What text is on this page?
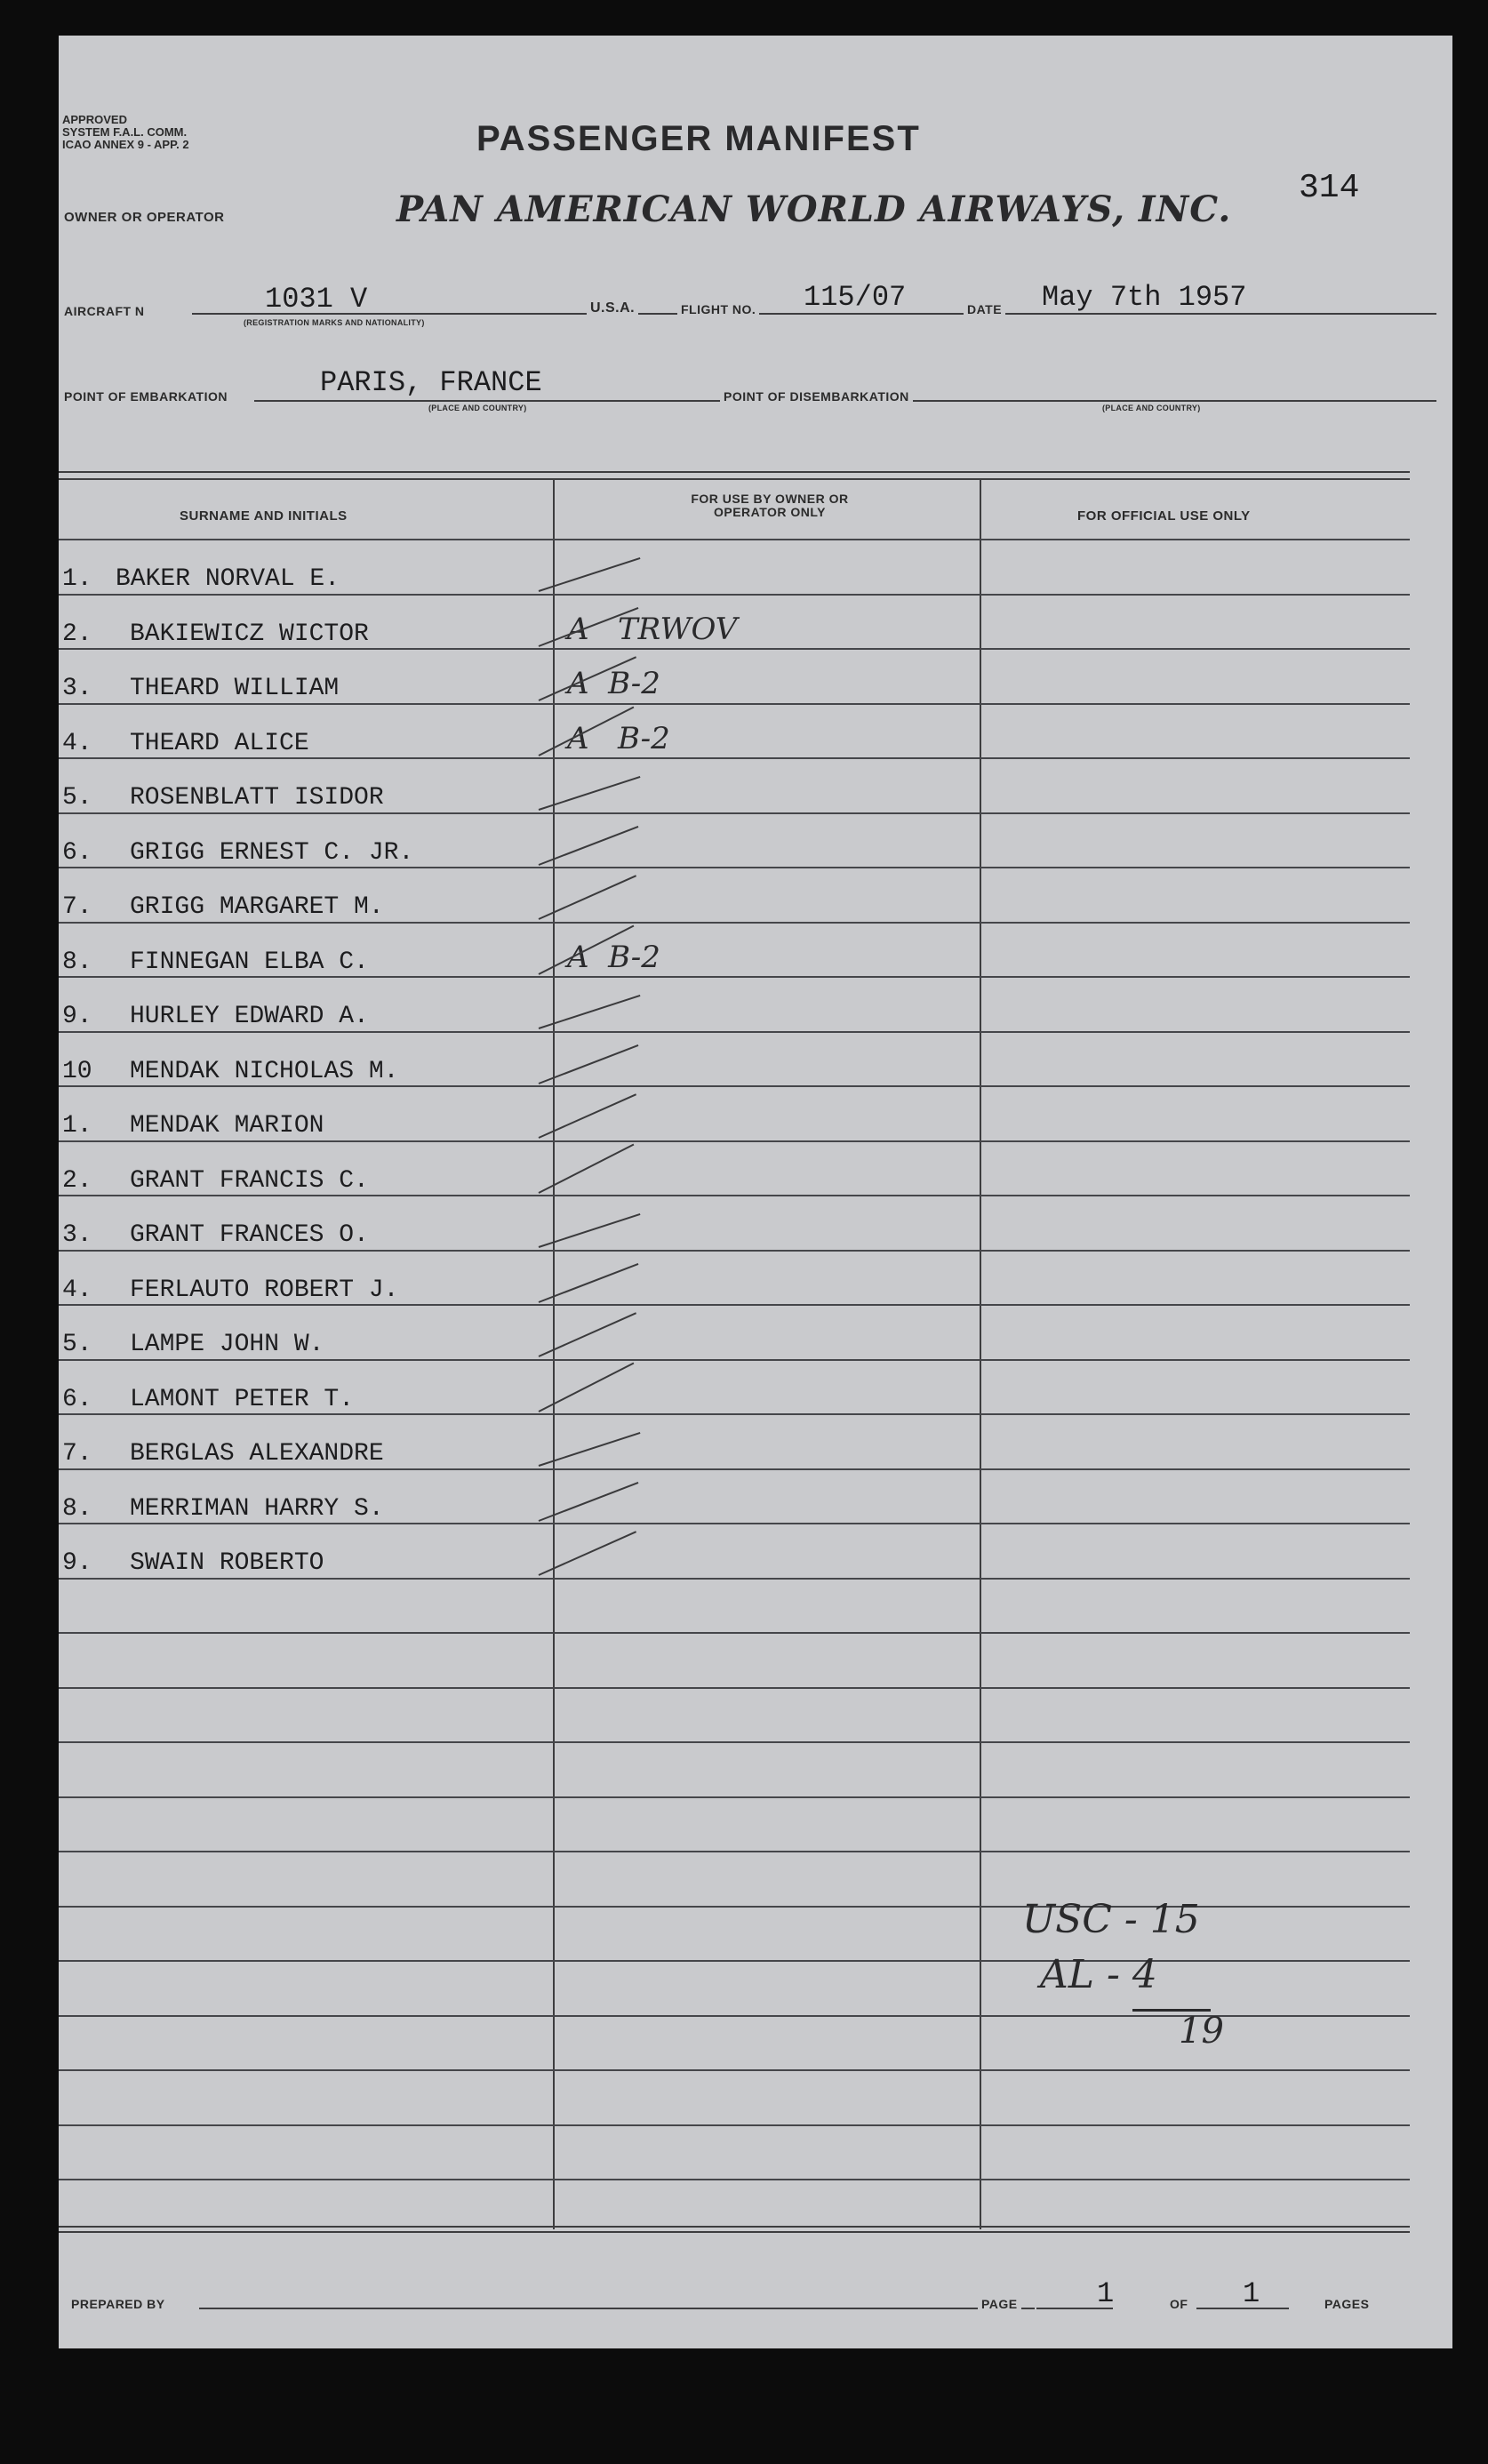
APPROVED
SYSTEM F.A.L. COMM.
ICAO ANNEX 9 - APP. 2	PASSENGER MANIFEST
314
OWNER OR OPERATOR	PAN AMERICAN WORLD AIRWAYS, INC.
AIRCRAFT N	1031 V
(REGISTRATION MARKS AND NATIONALITY)
U.S.A.	FLIGHT NO. 115/07	DATE May 7th 1957
POINT OF EMBARKATION	PARIS, FRANCE
(PLACE AND COUNTRY)
POINT OF DISEMBARKATION
(PLACE AND COUNTRY)
SURNAME AND INITIALS
FOR USE BY OWNER OR OPERATOR ONLY	FOR OFFICIAL USE ONLY
1. BAKER NORVAL E.
2. BAKIEWICZ WICTOR	A   TRWOV
3. THEARD WILLIAM	A  B-2
4. THEARD ALICE	A   B-2
5. ROSENBLATT ISIDOR
6. GRIGG ERNEST C. JR.
7. GRIGG MARGARET M.
8. FINNEGAN ELBA C.	A  B-2
9. HURLEY EDWARD A.
10 MENDAK NICHOLAS M.
1. MENDAK MARION
2. GRANT FRANCIS C.
3. GRANT FRANCES O.
4. FERLAUTO ROBERT J.
5. LAMPE JOHN W.
6. LAMONT PETER T.
7. BERGLAS ALEXANDRE
8. MERRIMAN HARRY S.
9. SWAIN ROBERTO
USC - 15
AL - 4
19
PREPARED BY	PAGE	1	OF 1	PAGES
